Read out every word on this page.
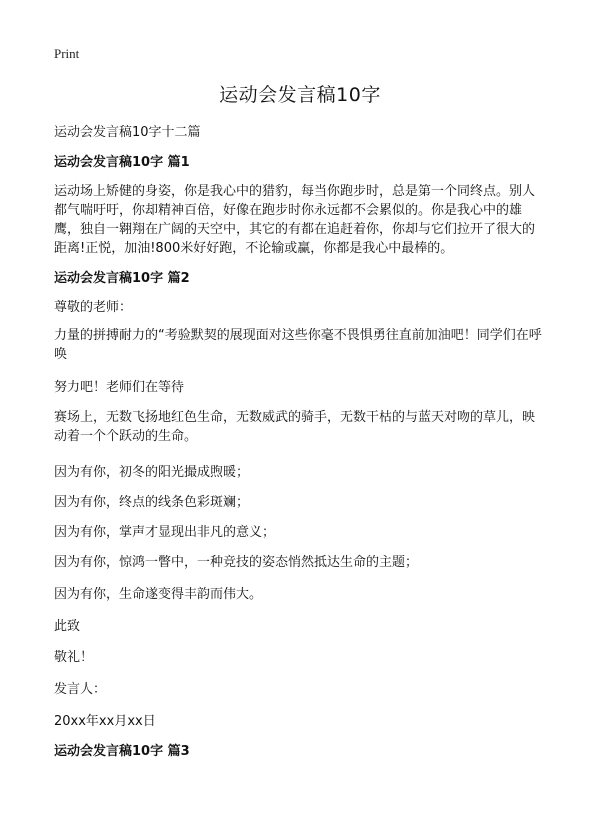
Print
运动会发言稿10字
运动会发言稿10字十二篇
运动会发言稿10字 篇1

运动场上矫健的身姿，你是我心中的猎豹，每当你跑步时，总是第一个同终点。别人都气喘吁吁，你却精神百倍，好像在跑步时你永远都不会累似的。你是我心中的雄鹰，独自一翱翔在广阔的天空中，其它的有都在追赶着你，你却与它们拉开了很大的距离!正悦，加油!800米好好跑，不论输或赢，你都是我心中最棒的。

运动会发言稿10字 篇2

尊敬的老师：

力量的拼搏耐力的“考验默契的展现面对这些你毫不畏惧勇往直前加油吧！同学们在呼唤

努力吧！老师们在等待

赛场上，无数飞扬地红色生命，无数威武的骑手，无数干枯的与蓝天对吻的草儿，映动着一个个跃动的生命。

因为有你，初冬的阳光撮成煦暖；

因为有你，终点的线条色彩斑斓；

因为有你，掌声才显现出非凡的意义；

因为有你，惊鸿一瞥中，一种竞技的姿态悄然抵达生命的主题；

因为有你，生命遂变得丰韵而伟大。

此致

敬礼！

发言人：

20xx年xx月xx日

运动会发言稿10字 篇3
